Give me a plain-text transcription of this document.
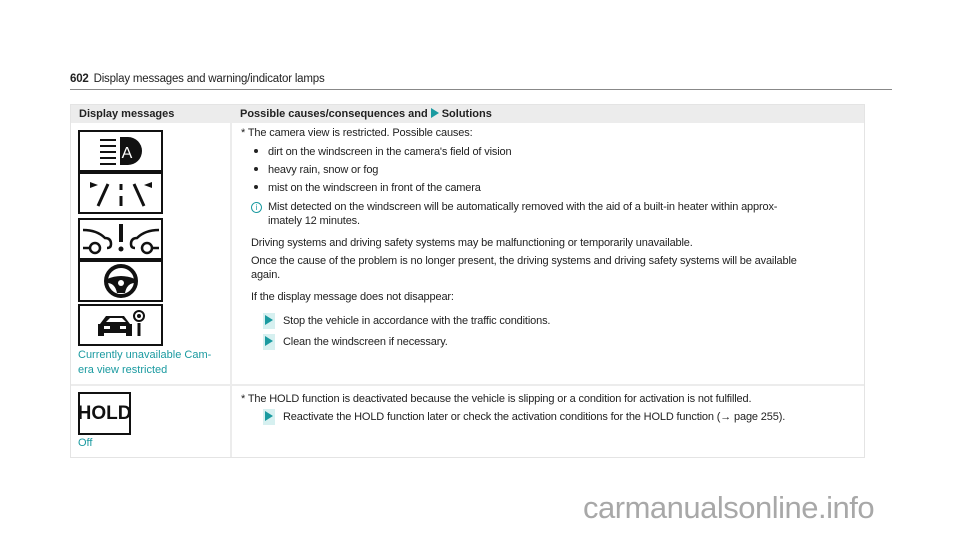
602 Display messages and warning/indicator lamps
Display messages	Possible causes/consequences and Solutions
A
Currently unavailable Cam-
era view restricted
* The camera view is restricted. Possible causes:
dirt on the windscreen in the camera's field of vision
heavy rain, snow or fog
mist on the windscreen in front of the camera
i Mist detected on the windscreen will be automatically removed with the aid of a built-in heater within approx-
imately 12 minutes.
Driving systems and driving safety systems may be malfunctioning or temporarily unavailable.
Once the cause of the problem is no longer present, the driving systems and driving safety systems will be available
again.
If the display message does not disappear:
Stop the vehicle in accordance with the traffic conditions.
Clean the windscreen if necessary.
HOLD
Off
* The HOLD function is deactivated because the vehicle is slipping or a condition for activation is not fulfilled.
Reactivate the HOLD function later or check the activation conditions for the HOLD function (→ page 255).
carmanualsonline.info
